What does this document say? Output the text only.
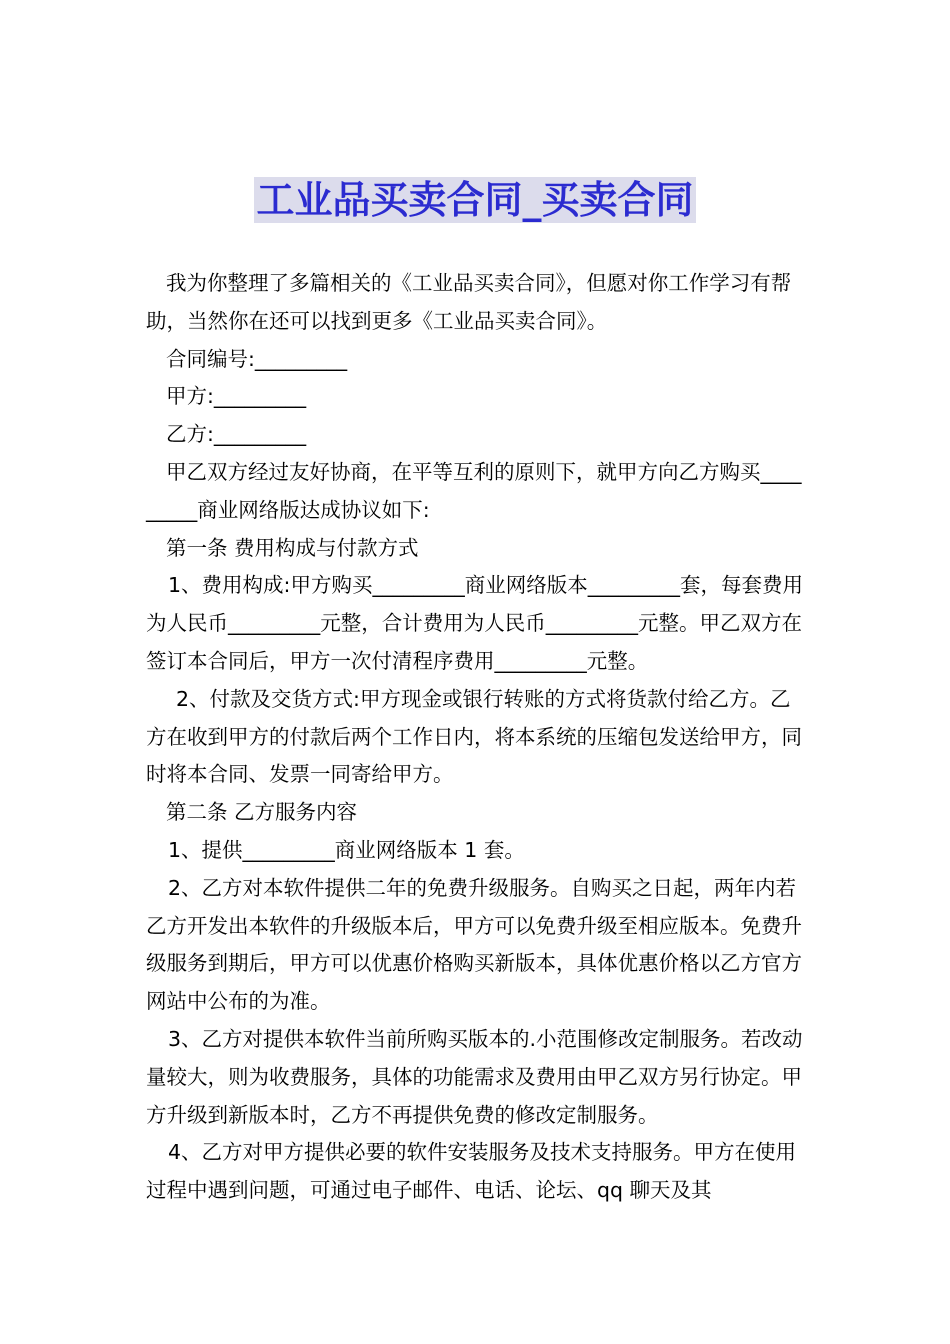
工业品买卖合同_买卖合同

我为你整理了多篇相关的《工业品买卖合同》，但愿对你工作学习有帮助，当然你在还可以找到更多《工业品买卖合同》。

合同编号:_________

甲方:_________

乙方:_________

甲乙双方经过友好协商，在平等互利的原则下，就甲方向乙方购买_________商业网络版达成协议如下:

第一条 费用构成与付款方式

1、费用构成:甲方购买_________商业网络版本_________套，每套费用为人民币_________元整，合计费用为人民币_________元整。甲乙双方在签订本合同后，甲方一次付清程序费用_________元整。

2、付款及交货方式:甲方现金或银行转账的方式将货款付给乙方。乙方在收到甲方的付款后两个工作日内，将本系统的压缩包发送给甲方，同时将本合同、发票一同寄给甲方。

第二条 乙方服务内容

1、提供_________商业网络版本 1 套。

2、乙方对本软件提供二年的免费升级服务。自购买之日起，两年内若乙方开发出本软件的升级版本后，甲方可以免费升级至相应版本。免费升级服务到期后，甲方可以优惠价格购买新版本，具体优惠价格以乙方官方网站中公布的为准。

3、乙方对提供本软件当前所购买版本的.小范围修改定制服务。若改动量较大，则为收费服务，具体的功能需求及费用由甲乙双方另行协定。甲方升级到新版本时，乙方不再提供免费的修改定制服务。

4、乙方对甲方提供必要的软件安装服务及技术支持服务。甲方在使用过程中遇到问题，可通过电子邮件、电话、论坛、qq 聊天及其
